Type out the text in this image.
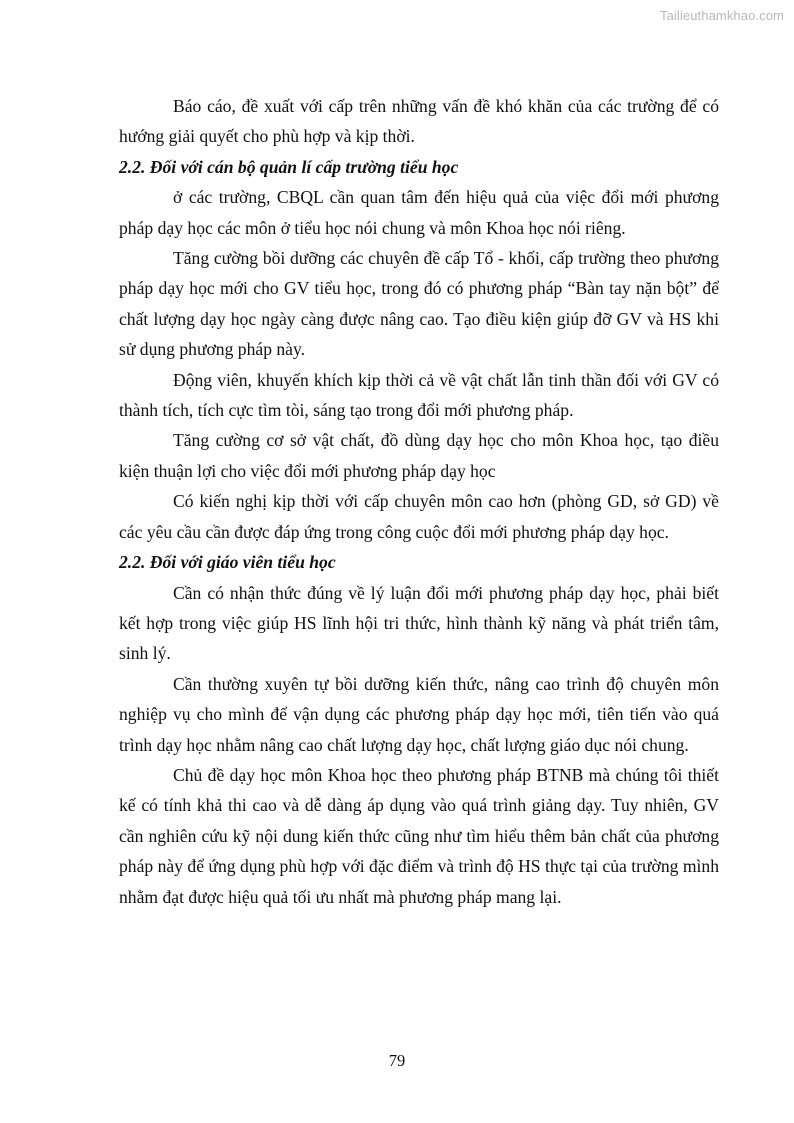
Tailieuthamkhao.com

Báo cáo, đề xuất với cấp trên những vấn đề khó khăn của các trường để có hướng giải quyết cho phù hợp và kịp thời.

2.2. Đối với cán bộ quản lí cấp trường tiểu học

ở các trường, CBQL cần quan tâm đến hiệu quả của việc đổi mới phương pháp dạy học các môn ở tiểu học nói chung và môn Khoa học nói riêng.

Tăng cường bồi dưỡng các chuyên đề cấp Tổ - khối, cấp trường theo phương pháp dạy học mới cho GV tiểu học, trong đó có phương pháp “Bàn tay nặn bột” để chất lượng dạy học ngày càng được nâng cao. Tạo điều kiện giúp đỡ GV và HS khi sử dụng phương pháp này.

Động viên, khuyến khích kịp thời cả về vật chất lẫn tinh thần đối với GV có thành tích, tích cực tìm tòi, sáng tạo trong đổi mới phương pháp.

Tăng cường cơ sở vật chất, đồ dùng dạy học cho môn Khoa học, tạo điều kiện thuận lợi cho việc đổi mới phương pháp dạy học

Có kiến nghị kịp thời với cấp chuyên môn cao hơn (phòng GD, sở GD) về các yêu cầu cần được đáp ứng trong công cuộc đổi mới phương pháp dạy học.

2.2. Đối với giáo viên tiểu học

Cần có nhận thức đúng về lý luận đổi mới phương pháp dạy học, phải biết kết hợp trong việc giúp HS lĩnh hội tri thức, hình thành kỹ năng và phát triển tâm, sinh lý.

Cần thường xuyên tự bồi dưỡng kiến thức, nâng cao trình độ chuyên môn nghiệp vụ cho mình để vận dụng các phương pháp dạy học mới, tiên tiến vào quá trình dạy học nhằm nâng cao chất lượng dạy học, chất lượng giáo dục nói chung.

Chủ đề dạy học môn Khoa học theo phương pháp BTNB mà chúng tôi thiết kế có tính khả thi cao và dễ dàng áp dụng vào quá trình giảng dạy. Tuy nhiên, GV cần nghiên cứu kỹ nội dung kiến thức cũng như tìm hiểu thêm bản chất của phương pháp này để ứng dụng phù hợp với đặc điểm và trình độ HS thực tại của trường mình nhằm đạt được hiệu quả tối ưu nhất mà phương pháp mang lại.

79
